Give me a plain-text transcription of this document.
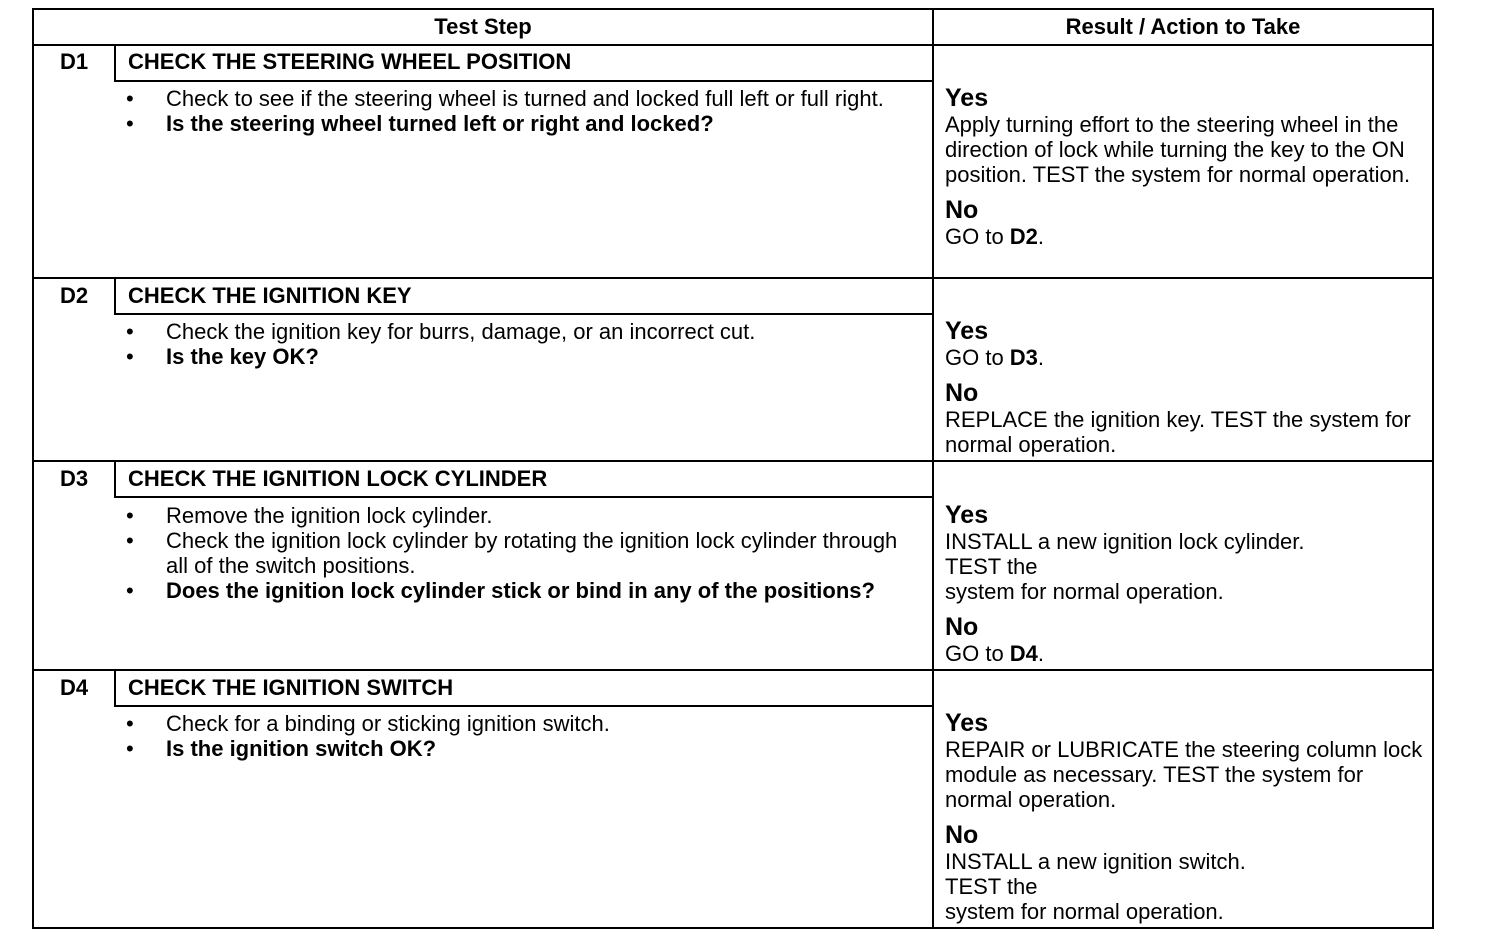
Test Step	Result / Action to Take
D1	CHECK THE STEERING WHEEL POSITION
• Check to see if the steering wheel is turned and locked full left or full right.
• Is the steering wheel turned left or right and locked?
Yes
Apply turning effort to the steering wheel in the direction of lock while turning the key to the ON position. TEST the system for normal operation.
No
GO to D2.
D2	CHECK THE IGNITION KEY
• Check the ignition key for burrs, damage, or an incorrect cut.
• Is the key OK?
Yes
GO to D3.
No
REPLACE the ignition key. TEST the system for normal operation.
D3	CHECK THE IGNITION LOCK CYLINDER
• Remove the ignition lock cylinder.
• Check the ignition lock cylinder by rotating the ignition lock cylinder through all of the switch positions.
• Does the ignition lock cylinder stick or bind in any of the positions?
Yes
INSTALL a new ignition lock cylinder.
TEST the
system for normal operation.
No
GO to D4.
D4	CHECK THE IGNITION SWITCH
• Check for a binding or sticking ignition switch.
• Is the ignition switch OK?
Yes
REPAIR or LUBRICATE the steering column lock module as necessary. TEST the system for normal operation.
No
INSTALL a new ignition switch.
TEST the
system for normal operation.
